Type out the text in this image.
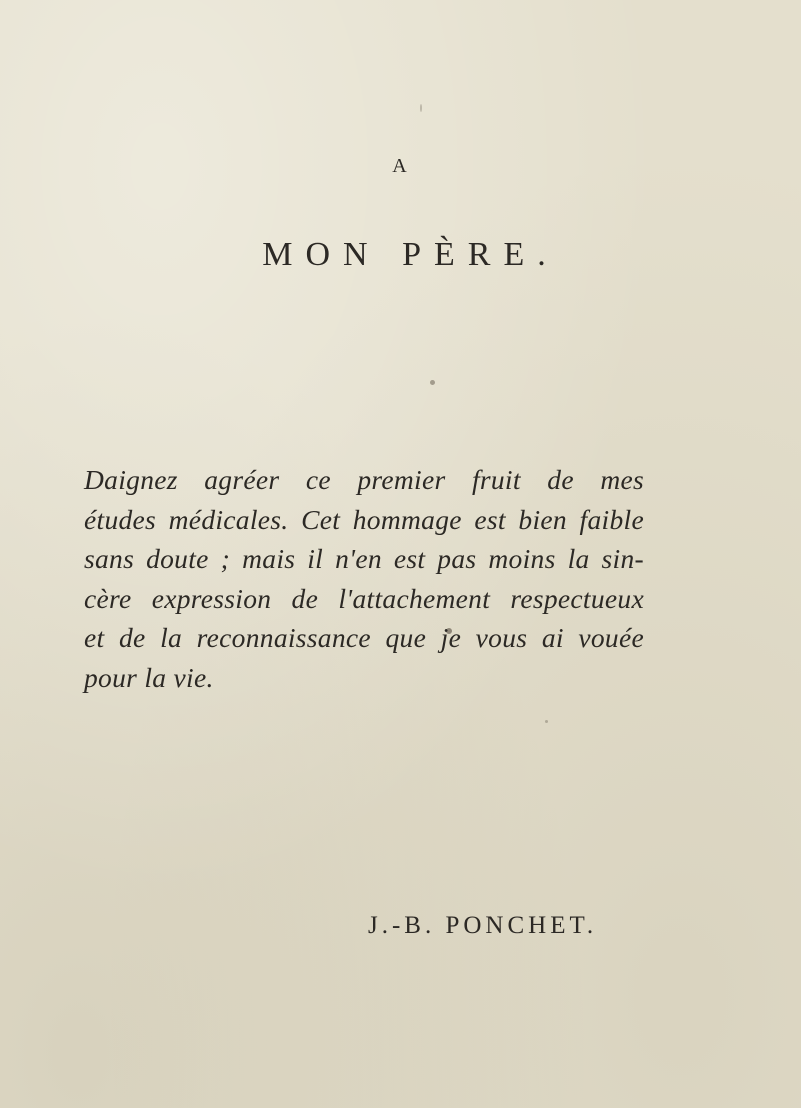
A

MON PÈRE.
Daignez agréer ce premier fruit de mes
études médicales. Cet hommage est bien faible
sans doute ; mais il n'en est pas moins la sin-
cère expression de l'attachement respectueux
et de la reconnaissance que je vous ai vouée
pour la vie.

J.-B. PONCHET.
